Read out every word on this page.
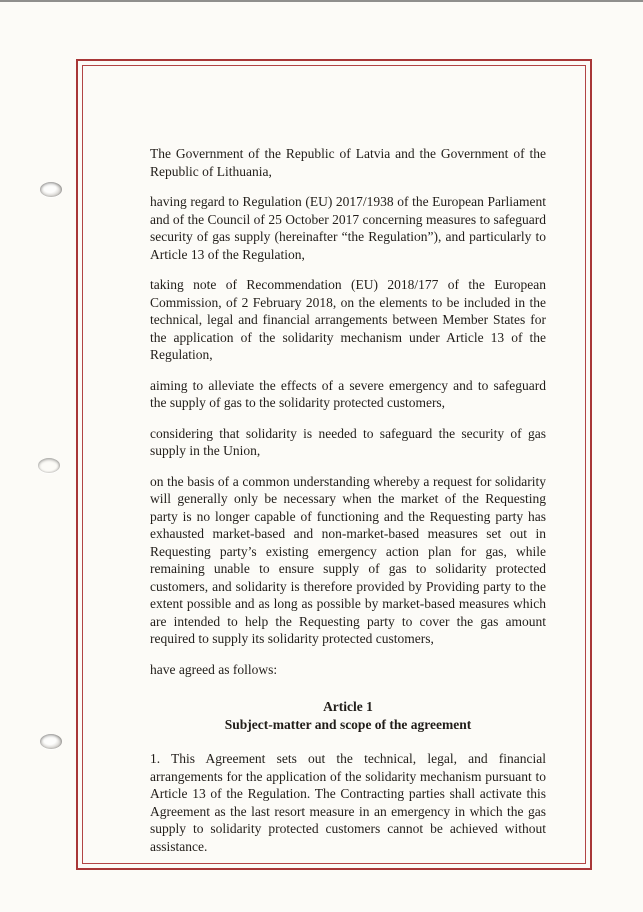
The Government of the Republic of Latvia and the Government of the Republic of Lithuania,

having regard to Regulation (EU) 2017/1938 of the European Parliament and of the Council of 25 October 2017 concerning measures to safeguard security of gas supply (hereinafter “the Regulation”), and particularly to Article 13 of the Regulation,

taking note of Recommendation (EU) 2018/177 of the European Commission, of 2 February 2018, on the elements to be included in the technical, legal and financial arrangements between Member States for the application of the solidarity mechanism under Article 13 of the Regulation,

aiming to alleviate the effects of a severe emergency and to safeguard the supply of gas to the solidarity protected customers,

considering that solidarity is needed to safeguard the security of gas supply in the Union,

on the basis of a common understanding whereby a request for solidarity will generally only be necessary when the market of the Requesting party is no longer capable of functioning and the Requesting party has exhausted market-based and non-market-based measures set out in Requesting party’s existing emergency action plan for gas, while remaining unable to ensure supply of gas to solidarity protected customers, and solidarity is therefore provided by Providing party to the extent possible and as long as possible by market-based measures which are intended to help the Requesting party to cover the gas amount required to supply its solidarity protected customers,

have agreed as follows:

Article 1
Subject-matter and scope of the agreement

1. This Agreement sets out the technical, legal, and financial arrangements for the application of the solidarity mechanism pursuant to Article 13 of the Regulation. The Contracting parties shall activate this Agreement as the last resort measure in an emergency in which the gas supply to solidarity protected customers cannot be achieved without assistance.
